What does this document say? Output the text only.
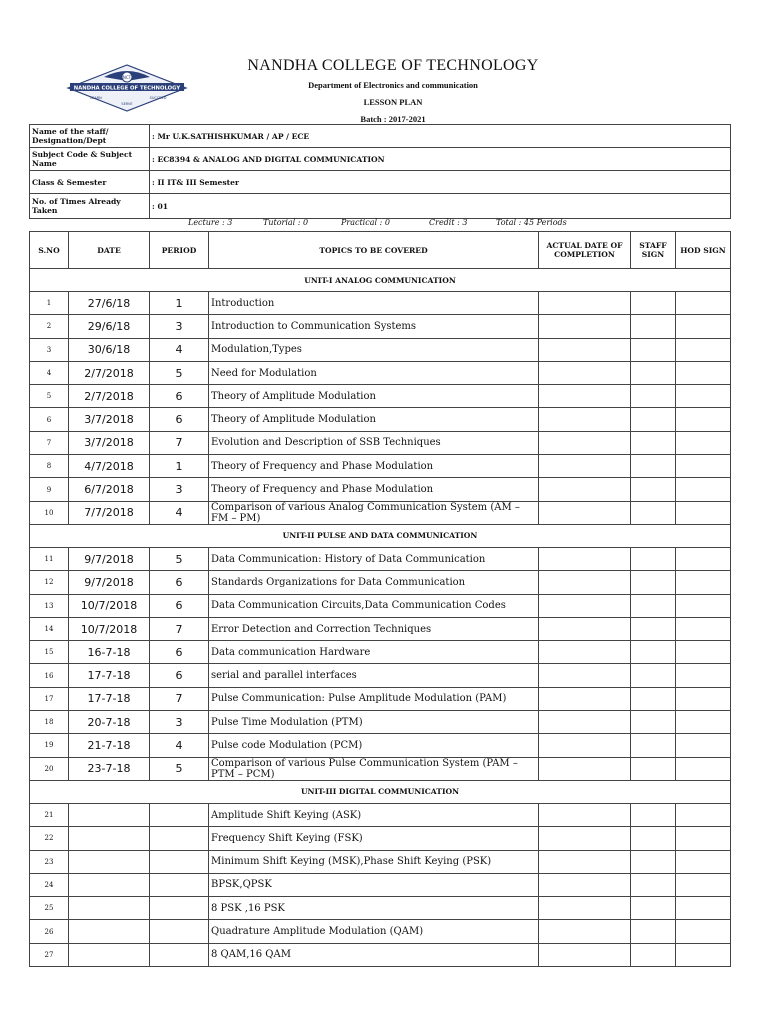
NCT
NANDHA COLLEGE OF TECHNOLOGY
LEARN
SERVE
SUCCEED
NANDHA COLLEGE OF TECHNOLOGY
Department of Electronics and communication
LESSON PLAN
Batch : 2017-2021
Name of the staff/ Designation/Dept	: Mr U.K.SATHISHKUMAR / AP / ECE
Subject Code & Subject Name	: EC8394 & ANALOG AND DIGITAL COMMUNICATION
Class & Semester	: II IT& III Semester
No. of Times Already Taken	: 01
Lecture : 3	Tutorial : 0	Practical : 0	Credit : 3	Total : 45 Periods
S.NO	DATE	PERIOD	TOPICS TO BE COVERED	ACTUAL DATE OF COMPLETION	STAFF SIGN	HOD SIGN
UNIT-I ANALOG COMMUNICATION						
1	27/6/18	1	Introduction			
2	29/6/18	3	Introduction to Communication Systems			
3	30/6/18	4	Modulation,Types			
4	2/7/2018	5	Need for Modulation			
5	2/7/2018	6	Theory of Amplitude Modulation			
6	3/7/2018	6	Theory of Amplitude Modulation			
7	3/7/2018	7	Evolution and Description of SSB Techniques			
8	4/7/2018	1	Theory of Frequency and Phase Modulation			
9	6/7/2018	3	Theory of Frequency and Phase Modulation			
10	7/7/2018	4	Comparison of various Analog Communication System (AM – FM – PM)			
UNIT-II PULSE AND DATA COMMUNICATION						
11	9/7/2018	5	Data Communication: History of Data Communication			
12	9/7/2018	6	Standards Organizations for Data Communication			
13	10/7/2018	6	Data Communication Circuits,Data Communication Codes			
14	10/7/2018	7	Error Detection and Correction Techniques			
15	16-7-18	6	Data communication Hardware			
16	17-7-18	6	serial and parallel interfaces			
17	17-7-18	7	Pulse Communication: Pulse Amplitude Modulation (PAM)			
18	20-7-18	3	Pulse Time Modulation (PTM)			
19	21-7-18	4	Pulse code Modulation (PCM)			
20	23-7-18	5	Comparison of various Pulse Communication System (PAM – PTM – PCM)			
UNIT-III DIGITAL COMMUNICATION						
21			Amplitude Shift Keying (ASK)			
22			Frequency Shift Keying (FSK)			
23			Minimum Shift Keying (MSK),Phase Shift Keying (PSK)			
24			BPSK,QPSK			
25			8 PSK ,16 PSK			
26			Quadrature Amplitude Modulation (QAM)			
27			8 QAM,16 QAM			
